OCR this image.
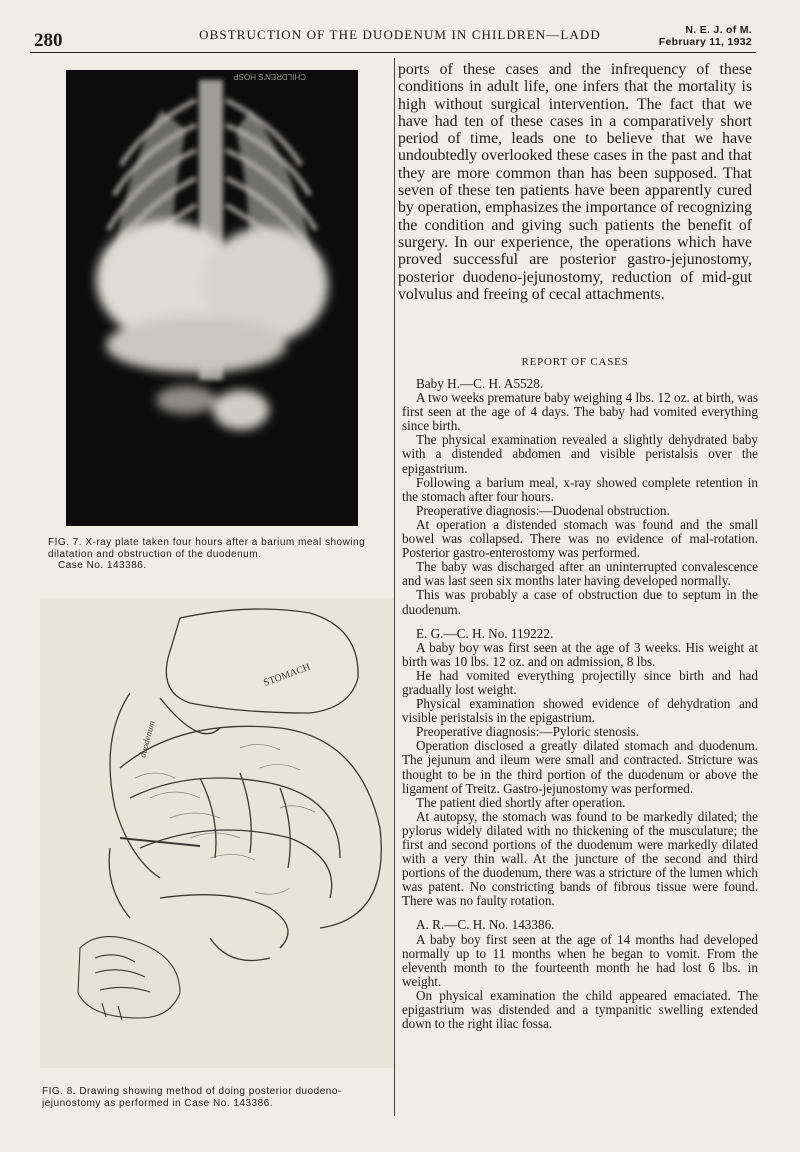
280	OBSTRUCTION OF THE DUODENUM IN CHILDREN—LADD	N. E. J. of M.
February 11, 1932
CHILDREN'S HOSP
FIG. 7. X-ray plate taken four hours after a barium meal showing dilatation and obstruction of the duodenum.
Case No. 143386.
STOMACH
duodenum
FIG. 8. Drawing showing method of doing posterior duodeno-jejunostomy as performed in Case No. 143386.
ports of these cases and the infrequency of these conditions in adult life, one infers that the mortality is high without surgical intervention. The fact that we have had ten of these cases in a comparatively short period of time, leads one to believe that we have undoubtedly overlooked these cases in the past and that they are more common than has been supposed. That seven of these ten patients have been apparently cured by operation, emphasizes the importance of recognizing the condition and giving such patients the benefit of surgery. In our experience, the operations which have proved successful are posterior gastro-jejunostomy, posterior duodeno-jejunostomy, reduction of mid-gut volvulus and freeing of cecal attachments.
REPORT OF CASES

Baby H.—C. H. A5528.

A two weeks premature baby weighing 4 lbs. 12 oz. at birth, was first seen at the age of 4 days. The baby had vomited everything since birth.

The physical examination revealed a slightly dehydrated baby with a distended abdomen and visible peristalsis over the epigastrium.

Following a barium meal, x-ray showed complete retention in the stomach after four hours.

Preoperative diagnosis:—Duodenal obstruction.

At operation a distended stomach was found and the small bowel was collapsed. There was no evidence of mal-rotation. Posterior gastro-enterostomy was performed.

The baby was discharged after an uninterrupted convalescence and was last seen six months later having developed normally.

This was probably a case of obstruction due to septum in the duodenum.

E. G.—C. H. No. 119222.

A baby boy was first seen at the age of 3 weeks. His weight at birth was 10 lbs. 12 oz. and on admission, 8 lbs.

He had vomited everything projectilly since birth and had gradually lost weight.

Physical examination showed evidence of dehydration and visible peristalsis in the epigastrium.

Preoperative diagnosis:—Pyloric stenosis.

Operation disclosed a greatly dilated stomach and duodenum. The jejunum and ileum were small and contracted. Stricture was thought to be in the third portion of the duodenum or above the ligament of Treitz. Gastro-jejunostomy was performed.

The patient died shortly after operation.

At autopsy, the stomach was found to be markedly dilated; the pylorus widely dilated with no thickening of the musculature; the first and second portions of the duodenum were markedly dilated with a very thin wall. At the juncture of the second and third portions of the duodenum, there was a stricture of the lumen which was patent. No constricting bands of fibrous tissue were found. There was no faulty rotation.

A. R.—C. H. No. 143386.

A baby boy first seen at the age of 14 months had developed normally up to 11 months when he began to vomit. From the eleventh month to the fourteenth month he had lost 6 lbs. in weight.

On physical examination the child appeared emaciated. The epigastrium was distended and a tympanitic swelling extended down to the right iliac fossa.
